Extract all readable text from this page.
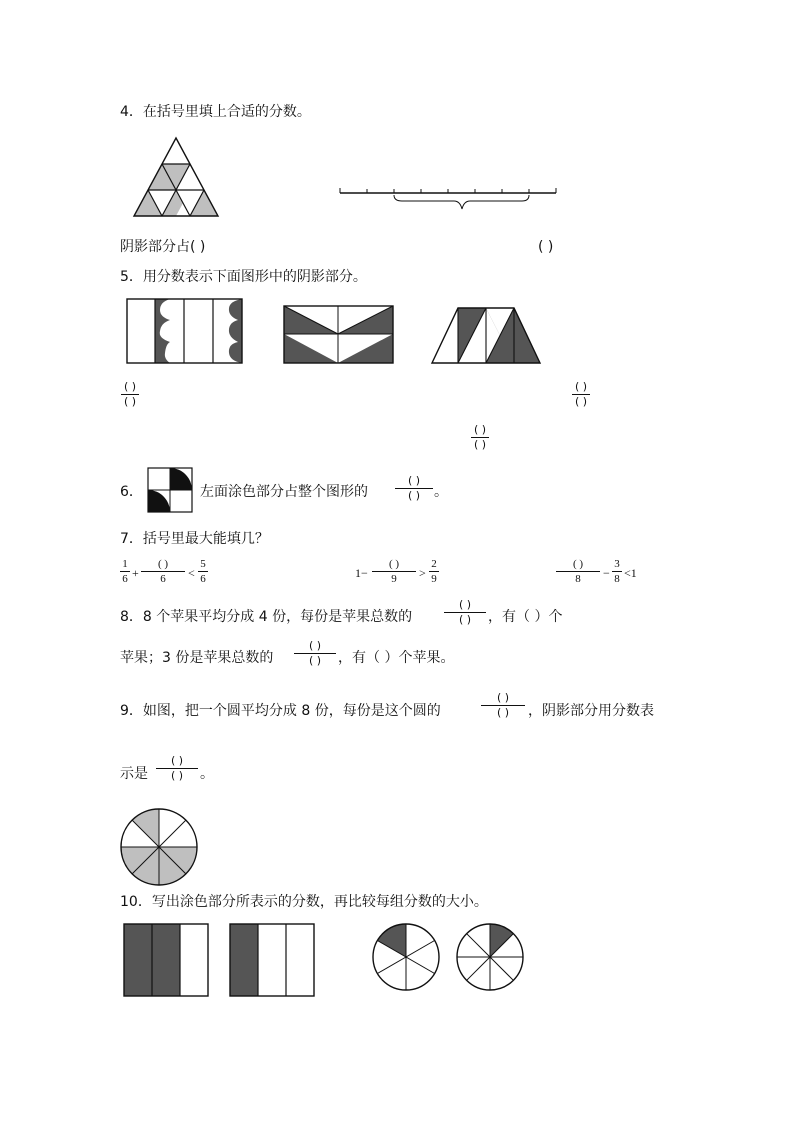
4．在括号里填上合适的分数。
阴影部分占( )	( )
5．用分数表示下面图形中的阴影部分。
( )
( )
( )
( )
( )
( )
6．	左面涂色部分占整个图形的
( )
( ) 。
7．括号里最大能填几？
1
6 +
( )
6	<
5
6	1−
( )
9	>
2
9
( )
8	−
3
8 <1
8．8 个苹果平均分成 4 份，每份是苹果总数的
( )
( )	，有（ ）个
苹果；3 份是苹果总数的
( )
( )	，有（ ）个苹果。
9．如图，把一个圆平均分成 8 份，每份是这个圆的
( )
( )	，阴影部分用分数表
示是
( )
( )	。
10．写出涂色部分所表示的分数，再比较每组分数的大小。
